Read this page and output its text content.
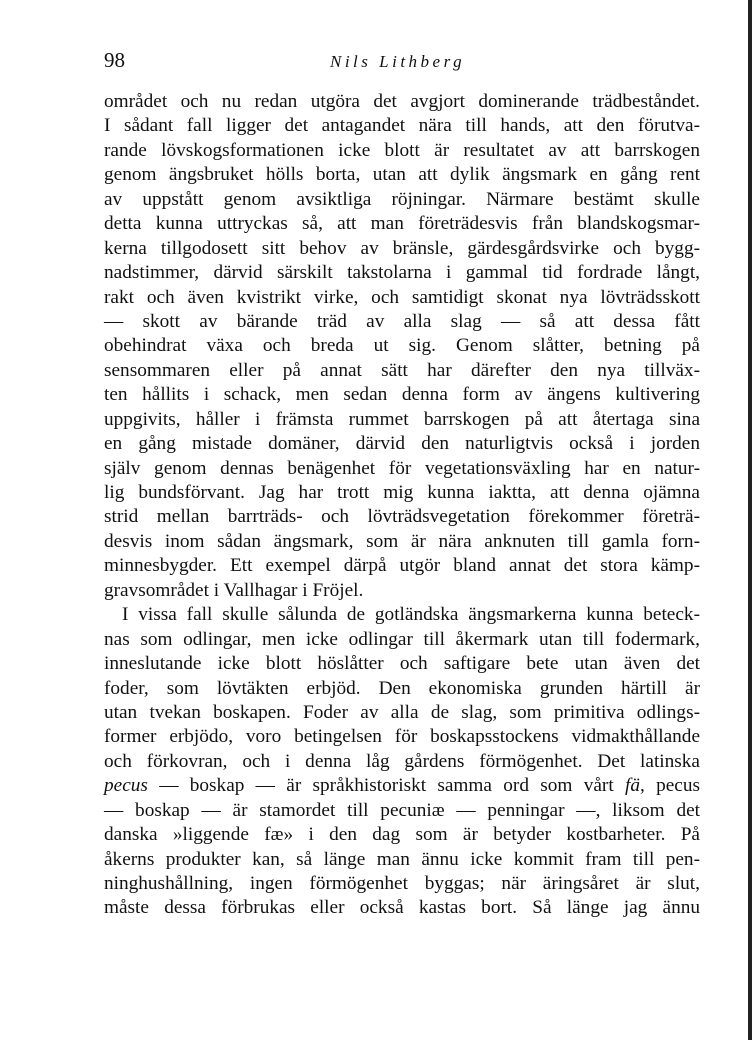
98	Nils Lithberg
området och nu redan utgöra det avgjort dominerande trädbeståndet.
I sådant fall ligger det antagandet nära till hands, att den förutva-
rande lövskogsformationen icke blott är resultatet av att barrskogen
genom ängsbruket hölls borta, utan att dylik ängsmark en gång rent
av uppstått genom avsiktliga röjningar. Närmare bestämt skulle
detta kunna uttryckas så, att man företrädesvis från blandskogsmar-
kerna tillgodosett sitt behov av bränsle, gärdesgårdsvirke och bygg-
nadstimmer, därvid särskilt takstolarna i gammal tid fordrade långt,
rakt och även kvistrikt virke, och samtidigt skonat nya lövträdsskott
— skott av bärande träd av alla slag — så att dessa fått
obehindrat växa och breda ut sig. Genom slåtter, betning på
sensommaren eller på annat sätt har därefter den nya tillväx-
ten hållits i schack, men sedan denna form av ängens kultivering
uppgivits, håller i främsta rummet barrskogen på att återtaga sina
en gång mistade domäner, därvid den naturligtvis också i jorden
själv genom dennas benägenhet för vegetationsväxling har en natur-
lig bundsförvant. Jag har trott mig kunna iaktta, att denna ojämna
strid mellan barrträds- och lövträdsvegetation förekommer företrä-
desvis inom sådan ängsmark, som är nära anknuten till gamla forn-
minnesbygder. Ett exempel därpå utgör bland annat det stora kämp-
gravsområdet i Vallhagar i Fröjel.
I vissa fall skulle sålunda de gotländska ängsmarkerna kunna beteck-
nas som odlingar, men icke odlingar till åkermark utan till fodermark,
inneslutande icke blott höslåtter och saftigare bete utan även det
foder, som lövtäkten erbjöd. Den ekonomiska grunden härtill är
utan tvekan boskapen. Foder av alla de slag, som primitiva odlings-
former erbjödo, voro betingelsen för boskapsstockens vidmakthållande
och förkovran, och i denna låg gårdens förmögenhet. Det latinska
pecus — boskap — är språkhistoriskt samma ord som vårt fä, pecus
— boskap — är stamordet till pecuniæ — penningar —, liksom det
danska »liggende fæ» i den dag som är betyder kostbarheter. På
åkerns produkter kan, så länge man ännu icke kommit fram till pen-
ninghushållning, ingen förmögenhet byggas; när äringsåret är slut,
måste dessa förbrukas eller också kastas bort. Så länge jag ännu
